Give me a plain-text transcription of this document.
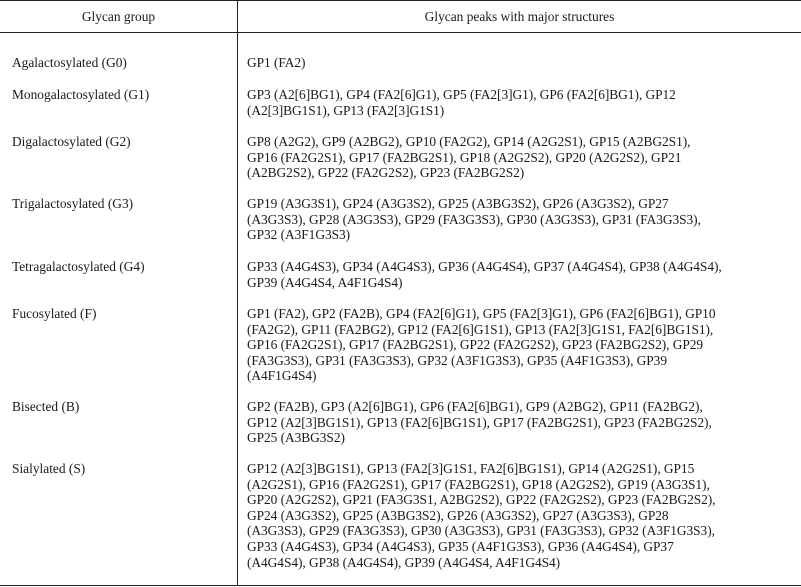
Glycan group	Glycan peaks with major structures
Agalactosylated (G0)	GP1 (FA2)
Monogalactosylated (G1)	GP3 (A2[6]BG1), GP4 (FA2[6]G1), GP5 (FA2[3]G1), GP6 (FA2[6]BG1), GP12
(A2[3]BG1S1), GP13 (FA2[3]G1S1)
Digalactosylated (G2)	GP8 (A2G2), GP9 (A2BG2), GP10 (FA2G2), GP14 (A2G2S1), GP15 (A2BG2S1),
GP16 (FA2G2S1), GP17 (FA2BG2S1), GP18 (A2G2S2), GP20 (A2G2S2), GP21
(A2BG2S2), GP22 (FA2G2S2), GP23 (FA2BG2S2)
Trigalactosylated (G3)	GP19 (A3G3S1), GP24 (A3G3S2), GP25 (A3BG3S2), GP26 (A3G3S2), GP27
(A3G3S3), GP28 (A3G3S3), GP29 (FA3G3S3), GP30 (A3G3S3), GP31 (FA3G3S3),
GP32 (A3F1G3S3)
Tetragalactosylated (G4)	GP33 (A4G4S3), GP34 (A4G4S3), GP36 (A4G4S4), GP37 (A4G4S4), GP38 (A4G4S4),
GP39 (A4G4S4, A4F1G4S4)
Fucosylated (F)	GP1 (FA2), GP2 (FA2B), GP4 (FA2[6]G1), GP5 (FA2[3]G1), GP6 (FA2[6]BG1), GP10
(FA2G2), GP11 (FA2BG2), GP12 (FA2[6]G1S1), GP13 (FA2[3]G1S1, FA2[6]BG1S1),
GP16 (FA2G2S1), GP17 (FA2BG2S1), GP22 (FA2G2S2), GP23 (FA2BG2S2), GP29
(FA3G3S3), GP31 (FA3G3S3), GP32 (A3F1G3S3), GP35 (A4F1G3S3), GP39
(A4F1G4S4)
Bisected (B)	GP2 (FA2B), GP3 (A2[6]BG1), GP6 (FA2[6]BG1), GP9 (A2BG2), GP11 (FA2BG2),
GP12 (A2[3]BG1S1), GP13 (FA2[6]BG1S1), GP17 (FA2BG2S1), GP23 (FA2BG2S2),
GP25 (A3BG3S2)
Sialylated (S)	GP12 (A2[3]BG1S1), GP13 (FA2[3]G1S1, FA2[6]BG1S1), GP14 (A2G2S1), GP15
(A2G2S1), GP16 (FA2G2S1), GP17 (FA2BG2S1), GP18 (A2G2S2), GP19 (A3G3S1),
GP20 (A2G2S2), GP21 (FA3G3S1, A2BG2S2), GP22 (FA2G2S2), GP23 (FA2BG2S2),
GP24 (A3G3S2), GP25 (A3BG3S2), GP26 (A3G3S2), GP27 (A3G3S3), GP28
(A3G3S3), GP29 (FA3G3S3), GP30 (A3G3S3), GP31 (FA3G3S3), GP32 (A3F1G3S3),
GP33 (A4G4S3), GP34 (A4G4S3), GP35 (A4F1G3S3), GP36 (A4G4S4), GP37
(A4G4S4), GP38 (A4G4S4), GP39 (A4G4S4, A4F1G4S4)
